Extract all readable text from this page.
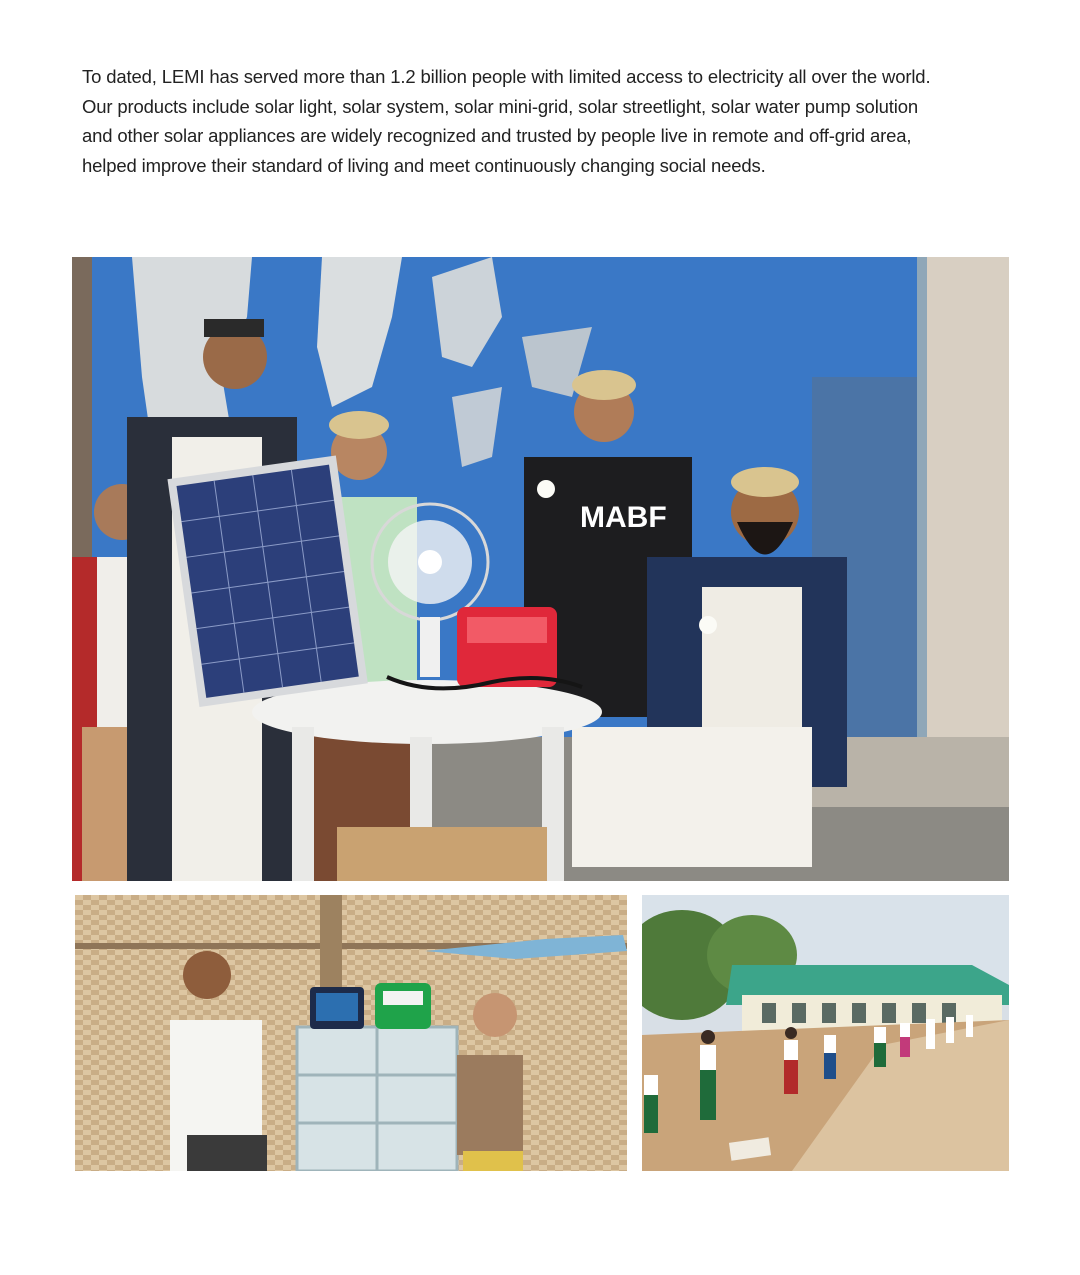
To dated, LEMI has served more than 1.2 billion people with limited access to electricity all over the world.
Our products include solar light, solar system, solar mini-grid, solar streetlight, solar water pump solution
and other solar appliances are widely recognized and trusted by people live in remote and off-grid area,
helped improve their standard of living and meet continuously changing social needs.

MABF
